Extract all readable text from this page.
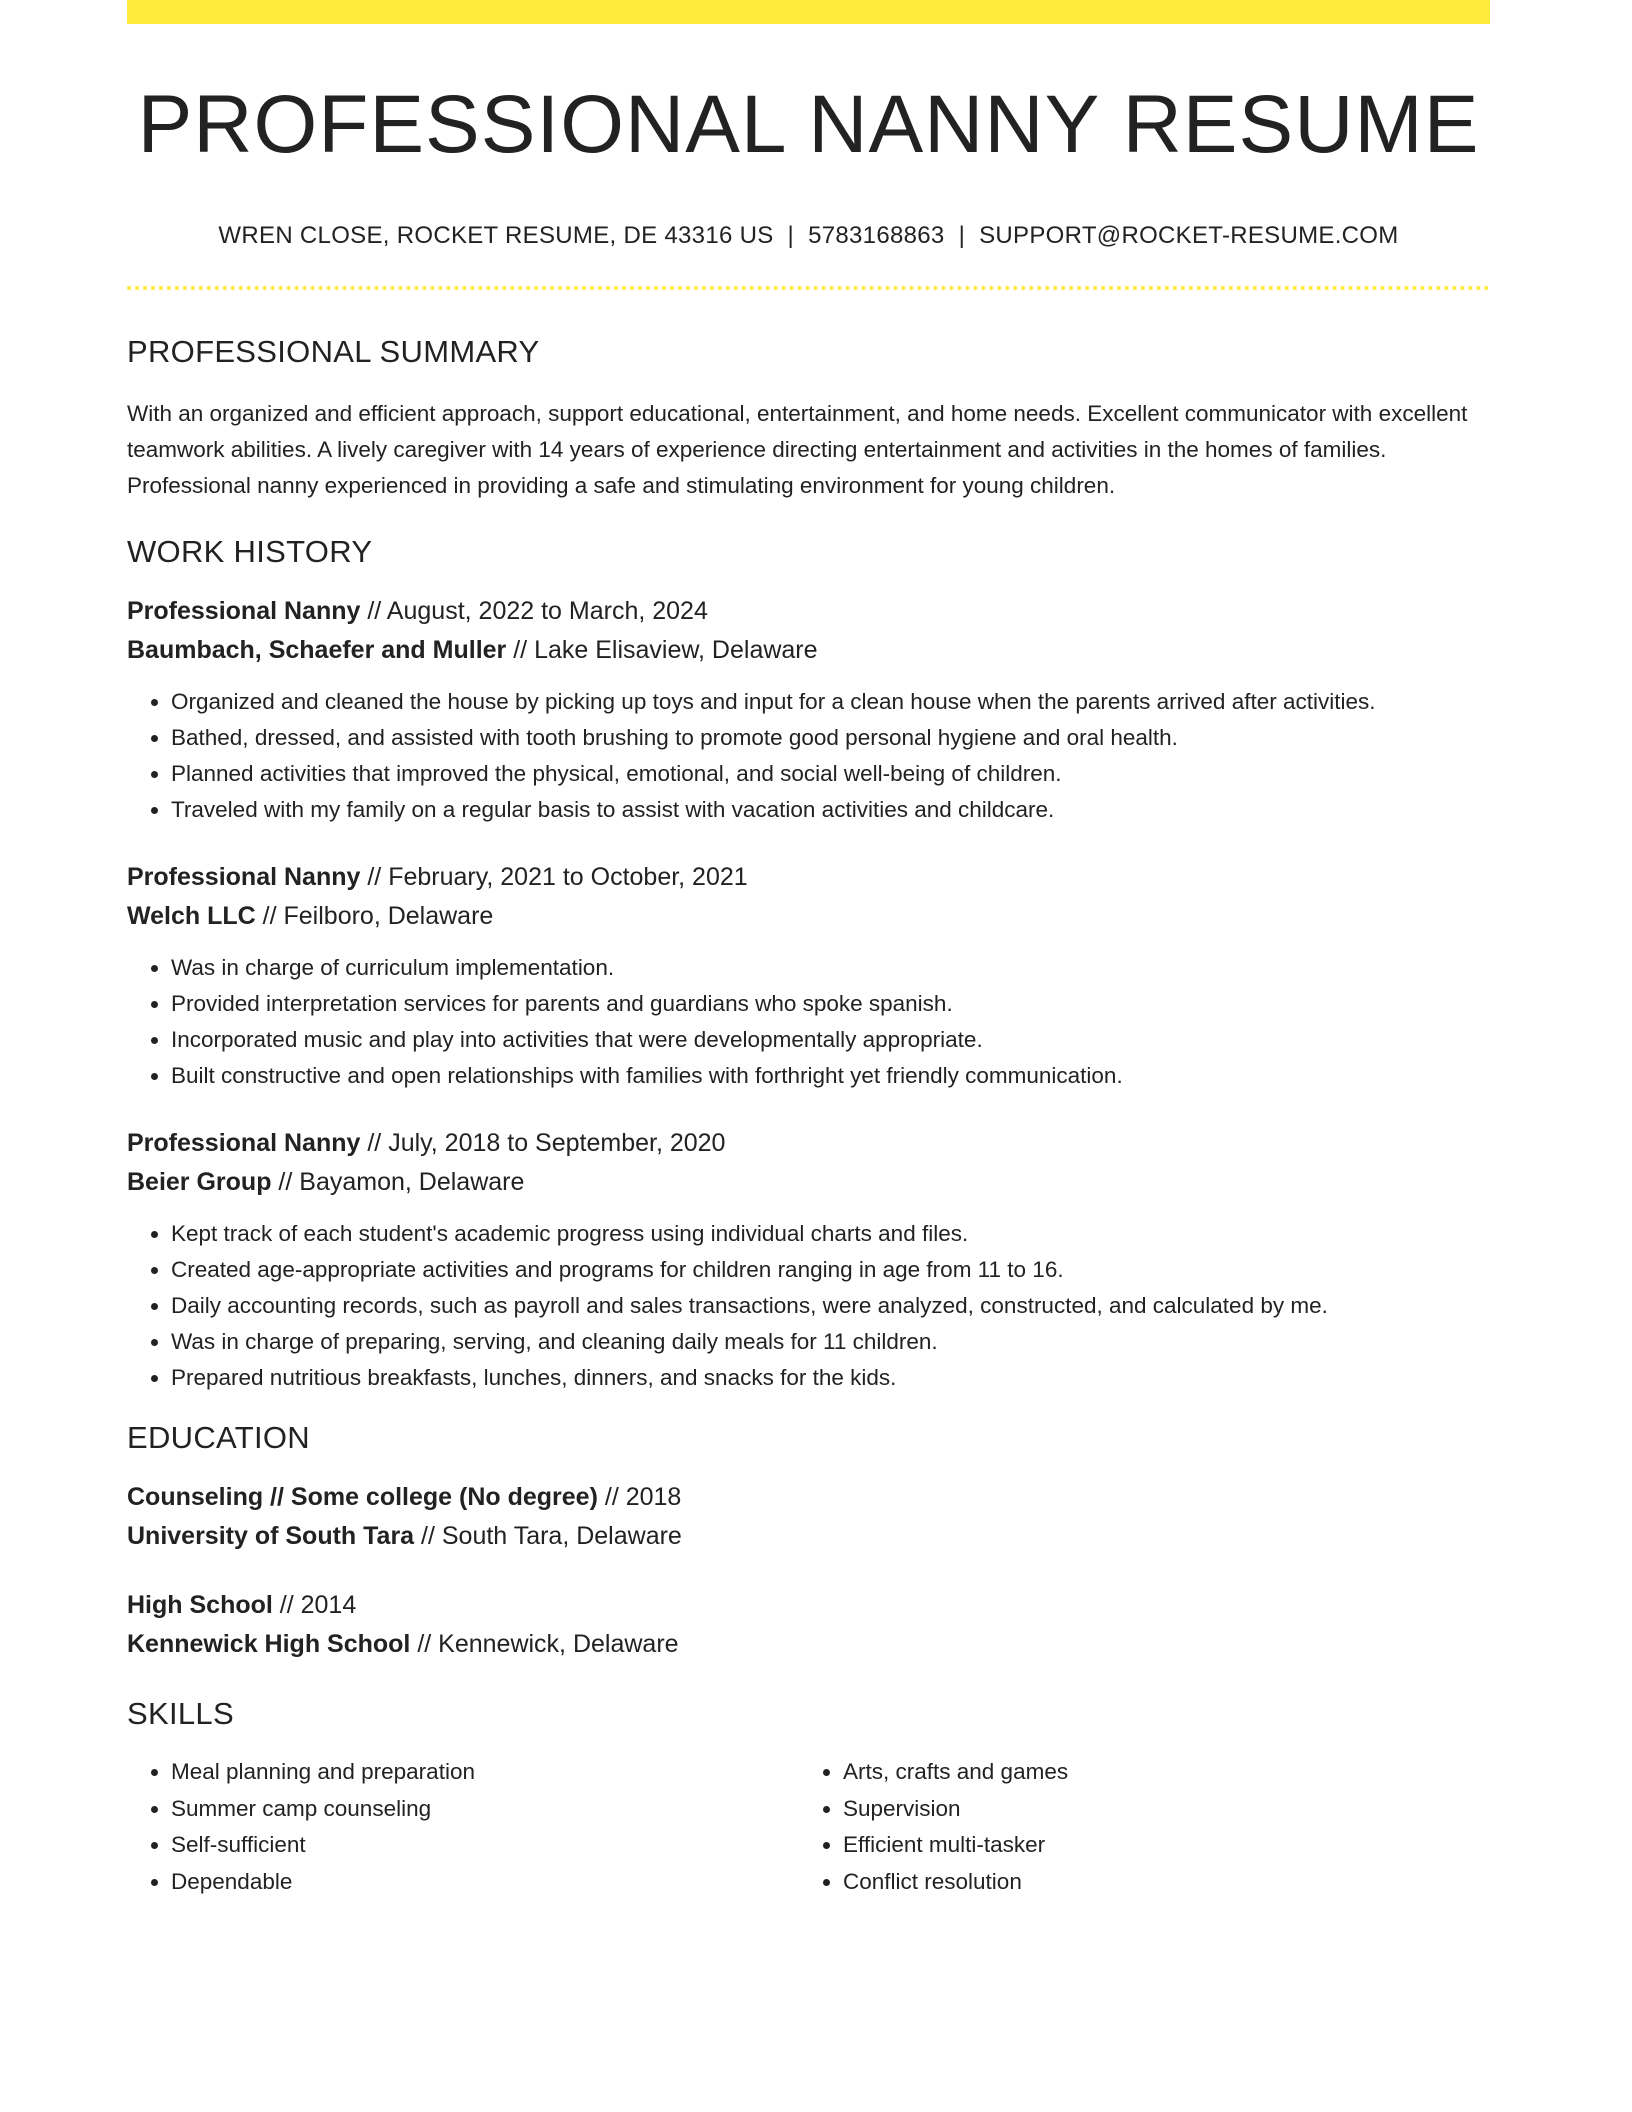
PROFESSIONAL NANNY RESUME
WREN CLOSE, ROCKET RESUME, DE 43316 US | 5783168863 | SUPPORT@ROCKET-RESUME.COM
PROFESSIONAL SUMMARY
With an organized and efficient approach, support educational, entertainment, and home needs. Excellent communicator with excellent teamwork abilities. A lively caregiver with 14 years of experience directing entertainment and activities in the homes of families. Professional nanny experienced in providing a safe and stimulating environment for young children.
WORK HISTORY
Professional Nanny // August, 2022 to March, 2024
Baumbach, Schaefer and Muller // Lake Elisaview, Delaware
• Organized and cleaned the house by picking up toys and input for a clean house when the parents arrived after activities.
• Bathed, dressed, and assisted with tooth brushing to promote good personal hygiene and oral health.
• Planned activities that improved the physical, emotional, and social well-being of children.
• Traveled with my family on a regular basis to assist with vacation activities and childcare.
Professional Nanny // February, 2021 to October, 2021
Welch LLC // Feilboro, Delaware
• Was in charge of curriculum implementation.
• Provided interpretation services for parents and guardians who spoke spanish.
• Incorporated music and play into activities that were developmentally appropriate.
• Built constructive and open relationships with families with forthright yet friendly communication.
Professional Nanny // July, 2018 to September, 2020
Beier Group // Bayamon, Delaware
• Kept track of each student's academic progress using individual charts and files.
• Created age-appropriate activities and programs for children ranging in age from 11 to 16.
• Daily accounting records, such as payroll and sales transactions, were analyzed, constructed, and calculated by me.
• Was in charge of preparing, serving, and cleaning daily meals for 11 children.
• Prepared nutritious breakfasts, lunches, dinners, and snacks for the kids.
EDUCATION
Counseling // Some college (No degree) // 2018
University of South Tara // South Tara, Delaware
High School // 2014
Kennewick High School // Kennewick, Delaware
SKILLS
• Meal planning and preparation
• Summer camp counseling
• Self-sufficient
• Dependable
• Arts, crafts and games
• Supervision
• Efficient multi-tasker
• Conflict resolution
